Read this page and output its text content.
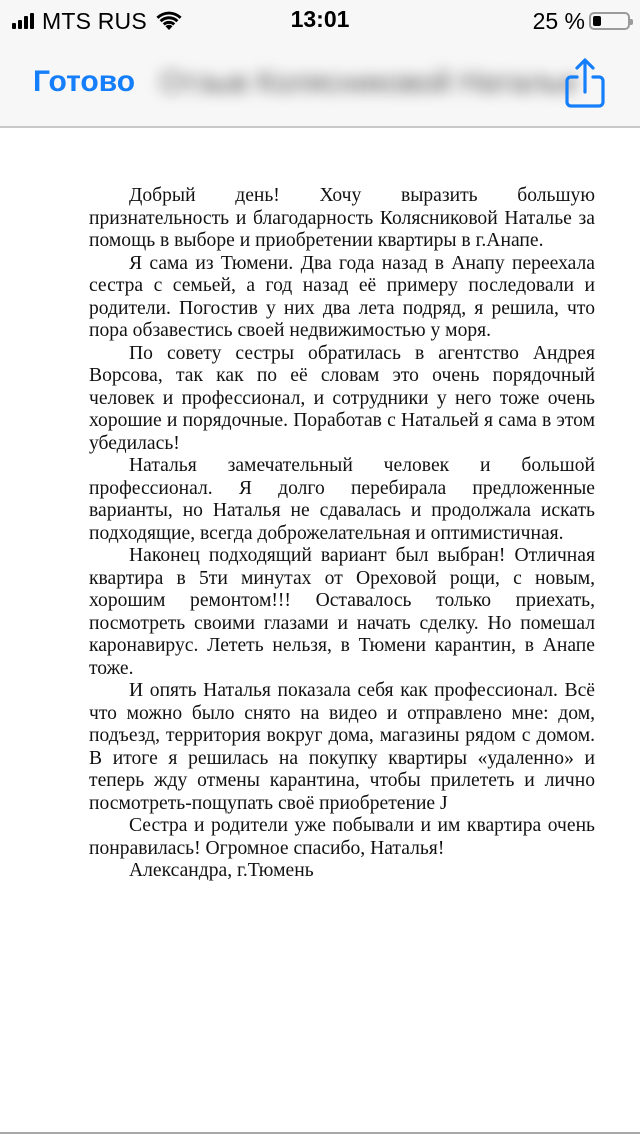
MTS RUS	13:01	25 %
Готово Отзыв Колясниковой Наталье

Добрый день! Хочу выразить большую признательность и благодарность Колясниковой Наталье за помощь в выборе и приобретении квартиры в г.Анапе.

Я сама из Тюмени. Два года назад в Анапу переехала сестра с семьей, а год назад её примеру последовали и родители. Погостив у них два лета подряд, я решила, что пора обзавестись своей недвижимостью у моря.

По совету сестры обратилась в агентство Андрея Ворсова, так как по её словам это очень порядочный человек и профессионал, и сотрудники у него тоже очень хорошие и порядочные. Поработав с Натальей я сама в этом убедилась!

Наталья замечательный человек и большой профессионал. Я долго перебирала предложенные варианты, но Наталья не сдавалась и продолжала искать подходящие, всегда доброжелательная и оптимистичная.

Наконец подходящий вариант был выбран! Отличная квартира в 5ти минутах от Ореховой рощи, с новым, хорошим ремонтом!!! Оставалось только приехать, посмотреть своими глазами и начать сделку. Но помешал каронавирус. Лететь нельзя, в Тюмени карантин, в Анапе тоже.

И опять Наталья показала себя как профессионал. Всё что можно было снято на видео и отправлено мне: дом, подъезд, территория вокруг дома, магазины рядом с домом. В итоге я решилась на покупку квартиры «удаленно» и теперь жду отмены карантина, чтобы прилететь и лично посмотреть-пощупать своё приобретение J

Сестра и родители уже побывали и им квартира очень понравилась! Огромное спасибо, Наталья!

Александра, г.Тюмень
